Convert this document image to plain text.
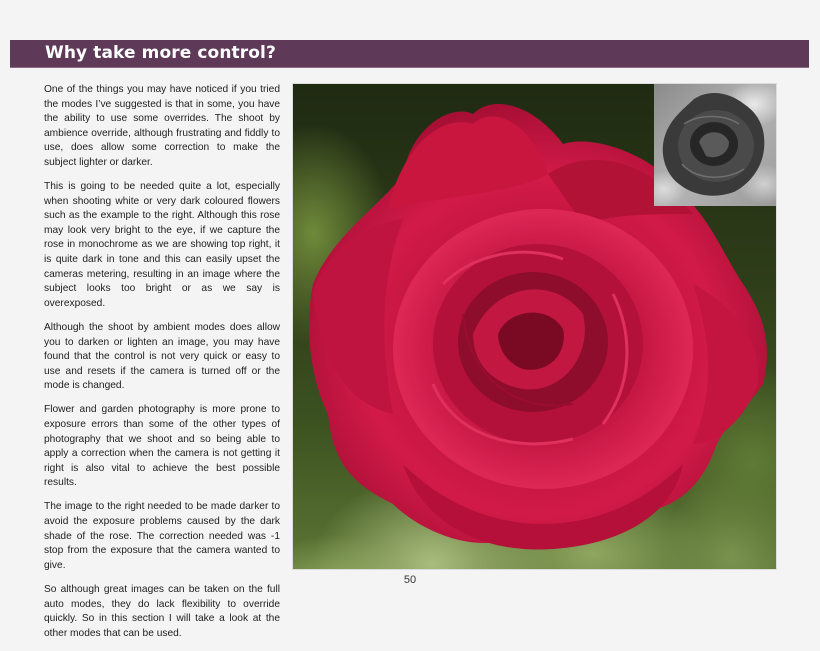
Why take more control?

One of the things you may have noticed if you tried the modes I’ve suggested is that in some, you have the ability to use some overrides. The shoot by ambience override, although frustrating and fiddly to use, does allow some correction to make the subject lighter or darker.

This is going to be needed quite a lot, especially when shooting white or very dark coloured flowers such as the example to the right. Although this rose may look very bright to the eye, if we capture the rose in monochrome as we are showing top right, it is quite dark in tone and this can easily upset the cameras metering, resulting in an image where the subject looks too bright or as we say is overexposed.

Although the shoot by ambient modes does allow you to darken or lighten an image, you may have found that the control is not very quick or easy to use and resets if the camera is turned off or the mode is changed.

Flower and garden photography is more prone to exposure errors than some of the other types of photography that we shoot and so being able to apply a correction when the camera is not getting it right is also vital to achieve the best possible results.

The image to the right needed to be made darker to avoid the exposure problems caused by the dark shade of the rose. The correction needed was -1 stop from the exposure that the camera wanted to give.

So although great images can be taken on the full auto modes, they do lack flexibility to override quickly. So in this section I will take a look at the other modes that can be used.

50
